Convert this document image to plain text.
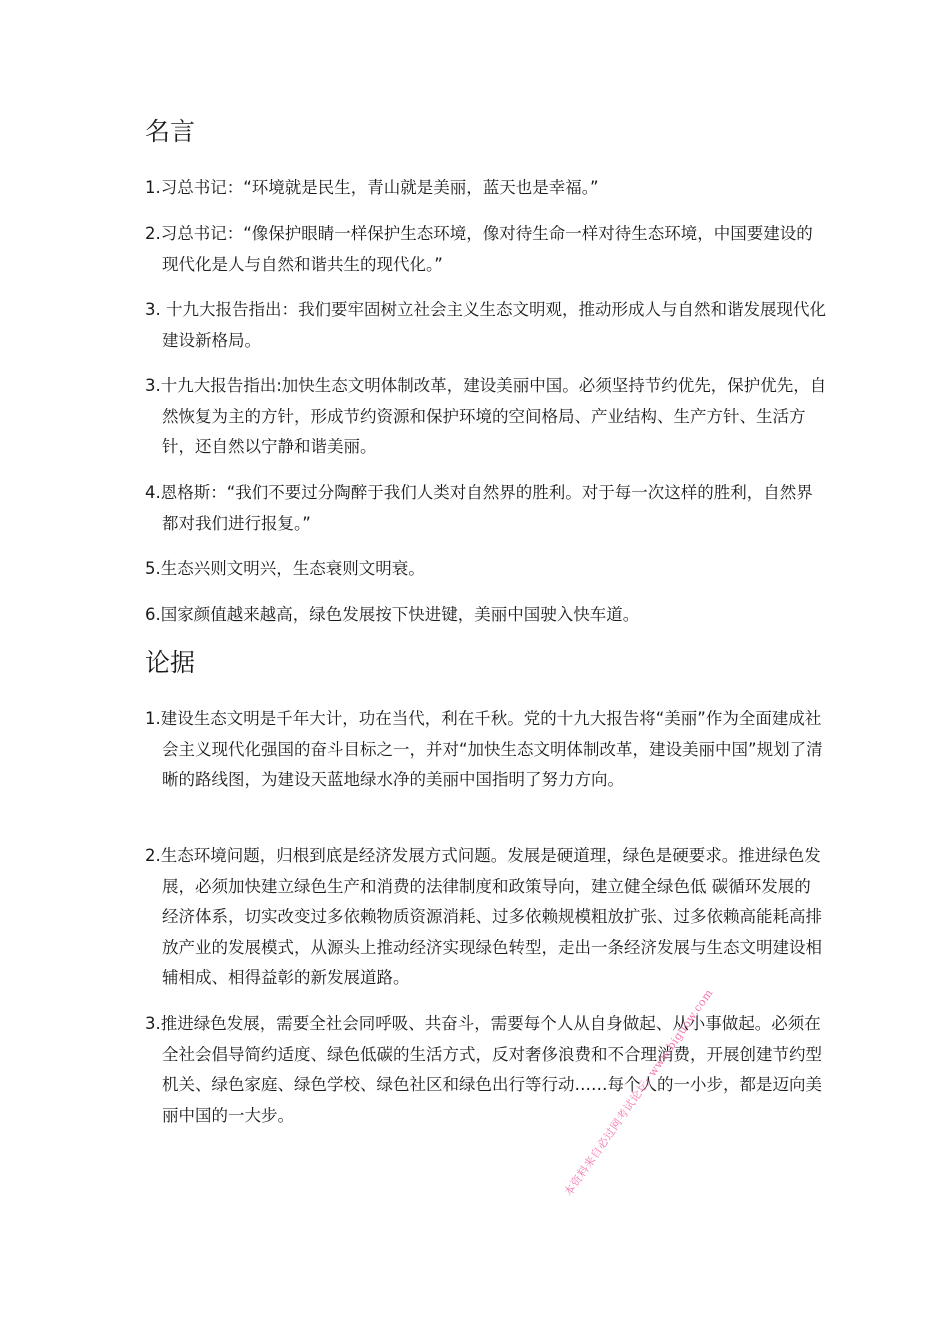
名言

1.习总书记：“环境就是民生，青山就是美丽，蓝天也是幸福。”

2.习总书记：“像保护眼睛一样保护生态环境，像对待生命一样对待生态环境，中国要建设的现代化是人与自然和谐共生的现代化。”

3. 十九大报告指出：我们要牢固树立社会主义生态文明观，推动形成人与自然和谐发展现代化建设新格局。

3.十九大报告指出:加快生态文明体制改革，建设美丽中国。必须坚持节约优先，保护优先，自然恢复为主的方针，形成节约资源和保护环境的空间格局、产业结构、生产方针、生活方针，还自然以宁静和谐美丽。

4.恩格斯：“我们不要过分陶醉于我们人类对自然界的胜利。对于每一次这样的胜利，自然界都对我们进行报复。”

5.生态兴则文明兴，生态衰则文明衰。

6.国家颜值越来越高，绿色发展按下快进键，美丽中国驶入快车道。

论据

1.建设生态文明是千年大计，功在当代，利在千秋。党的十九大报告将“美丽”作为全面建成社会主义现代化强国的奋斗目标之一，并对“加快生态文明体制改革，建设美丽中国”规划了清晰的路线图，为建设天蓝地绿水净的美丽中国指明了努力方向。

2.生态环境问题，归根到底是经济发展方式问题。发展是硬道理，绿色是硬要求。推进绿色发展，必须加快建立绿色生产和消费的法律制度和政策导向，建立健全绿色低 碳循环发展的经济体系，切实改变过多依赖物质资源消耗、过多依赖规模粗放扩张、过多依赖高能耗高排放产业的发展模式，从源头上推动经济实现绿色转型，走出一条经济发展与生态文明建设相辅相成、相得益彰的新发展道路。

3.推进绿色发展，需要全社会同呼吸、共奋斗，需要每个人从自身做起、从小事做起。必须在全社会倡导简约适度、绿色低碳的生活方式，反对奢侈浪费和不合理消费，开展创建节约型机关、绿色家庭、绿色学校、绿色社区和绿色出行等行动……每个人的一小步，都是迈向美丽中国的一大步。	本资料来自必过网考试论坛: www.biguow.com
